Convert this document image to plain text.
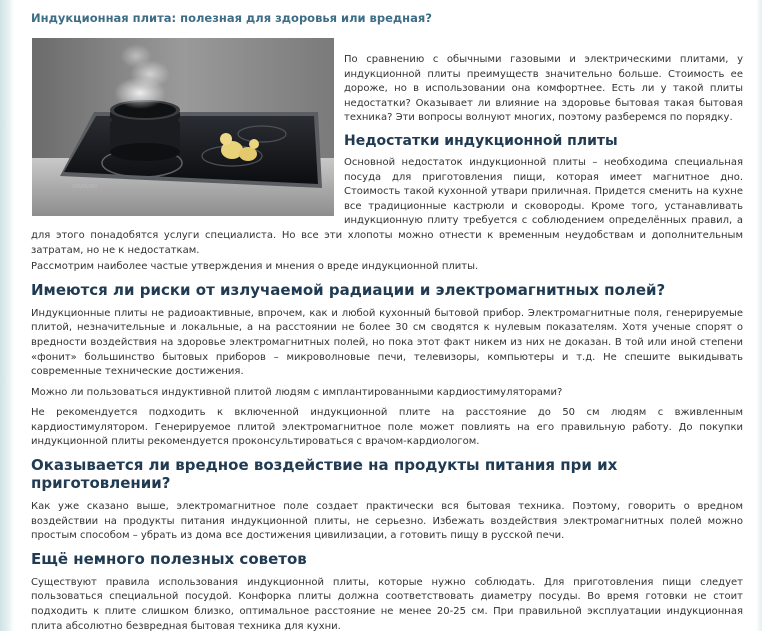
Индукционная плита: полезная для здоровья или вредная?
SAMSUNG

По сравнению с обычными газовыми и электрическими плитами, у индукционной плиты преимуществ значительно больше. Стоимость ее дороже, но в использовании она комфортнее. Есть ли у такой плиты недостатки? Оказывает ли влияние на здоровье бытовая такая бытовая техника? Эти вопросы волнуют многих, поэтому разберемся по порядку.

Недостатки индукционной плиты

Основной недостаток индукционной плиты – необходима специальная посуда для приготовления пищи, которая имеет магнитное дно. Стоимость такой кухонной утвари приличная. Придется сменить на кухне все традиционные кастрюли и сковороды. Кроме того, устанавливать индукционную плиту требуется с соблюдением определённых правил, а для этого понадобятся услуги специалиста. Но все эти хлопоты можно отнести к временным неудобствам и дополнительным затратам, но не к недостаткам.

Рассмотрим наиболее частые утверждения и мнения о вреде индукционной плиты.

Имеются ли риски от излучаемой радиации и электромагнитных полей?

Индукционные плиты не радиоактивные, впрочем, как и любой кухонный бытовой прибор. Электромагнитные поля, генерируемые плитой, незначительные и локальные, а на расстоянии не более 30 см сводятся к нулевым показателям. Хотя ученые спорят о вредности воздействия на здоровье электромагнитных полей, но пока этот факт никем из них не доказан. В той или иной степени «фонит» большинство бытовых приборов – микроволновые печи, телевизоры, компьютеры и т.д. Не спешите выкидывать современные технические достижения.

Можно ли пользоваться индуктивной плитой людям с имплантированными кардиостимуляторами?

Не рекомендуется подходить к включенной индукционной плите на расстояние до 50 см людям с вживленным кардиостимулятором. Генерируемое плитой электромагнитное поле может повлиять на его правильную работу. До покупки индукционной плиты рекомендуется проконсультироваться с врачом-кардиологом.

Оказывается ли вредное воздействие на продукты питания при их приготовлении?

Как уже сказано выше, электромагнитное поле создает практически вся бытовая техника. Поэтому, говорить о вредном воздействии на продукты питания индукционной плиты, не серьезно. Избежать воздействия электромагнитных полей можно простым способом – убрать из дома все достижения цивилизации, а готовить пищу в русской печи.

Ещё немного полезных советов

Существуют правила использования индукционной плиты, которые нужно соблюдать. Для приготовления пищи следует пользоваться специальной посудой. Конфорка плиты должна соответствовать диаметру посуды. Во время готовки не стоит подходить к плите слишком близко, оптимальное расстояние не менее 20-25 см. При правильной эксплуатации индукционная плита абсолютно безвредная бытовая техника для кухни.
